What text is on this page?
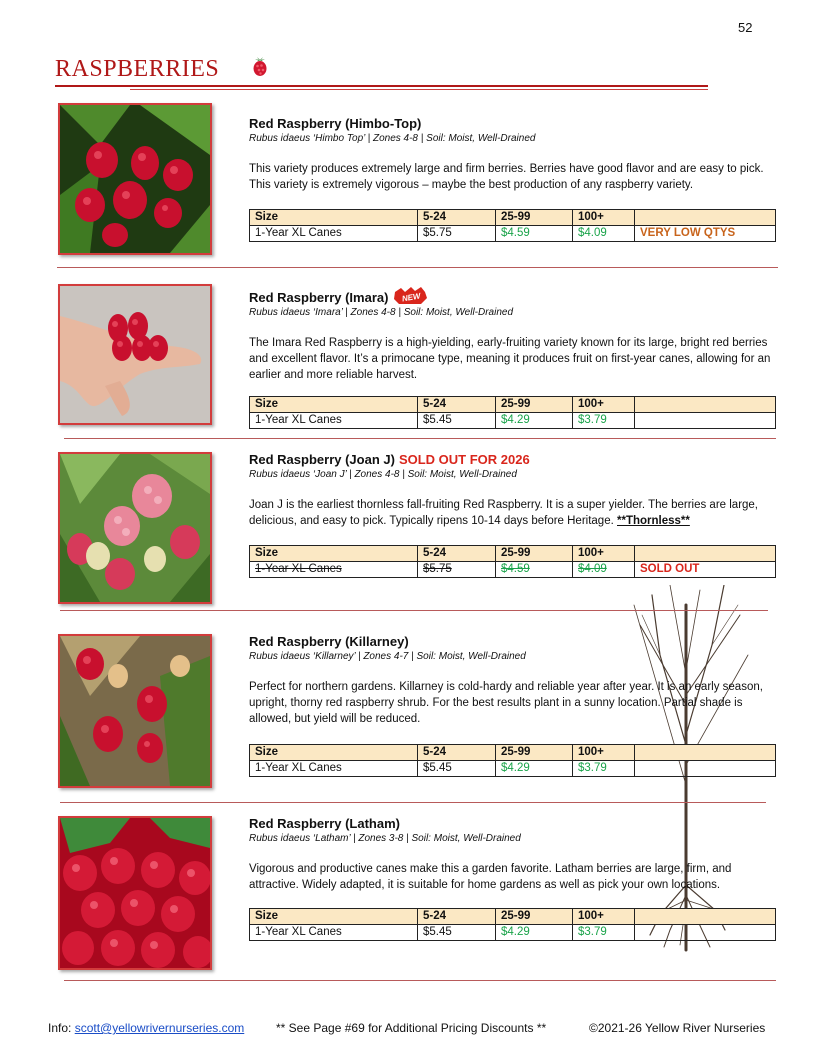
52
RASPBERRIES

Red Raspberry (Himbo-Top)

Rubus idaeus ‘Himbo Top’ | Zones 4-8 | Soil: Moist, Well-Drained

This variety produces extremely large and firm berries. Berries have good flavor and are easy to pick. This variety is extremely vigorous – maybe the best production of any raspberry variety.

Size	5-24	25-99	100+	
1-Year XL Canes	$5.75	$4.59	$4.09	VERY LOW QTYS

Red Raspberry (Imara) NEW

Rubus idaeus ‘Imara’ | Zones 4-8 | Soil: Moist, Well-Drained

The Imara Red Raspberry is a high-yielding, early-fruiting variety known for its large, bright red berries and excellent flavor. It’s a primocane type, meaning it produces fruit on first-year canes, allowing for an earlier and more reliable harvest.

Size	5-24	25-99	100+	
1-Year XL Canes	$5.45	$4.29	$3.79	

Red Raspberry (Joan J) SOLD OUT FOR 2026

Rubus idaeus ‘Joan J’ | Zones 4-8 | Soil: Moist, Well-Drained

Joan J is the earliest thornless fall-fruiting Red Raspberry. It is a super yielder. The berries are large, delicious, and easy to pick. Typically ripens 10-14 days before Heritage. **Thornless**

Size	5-24	25-99	100+	
1-Year XL Canes	$5.75	$4.59	$4.09	SOLD OUT

Red Raspberry (Killarney)

Rubus idaeus ‘Killarney’ | Zones 4-7 | Soil: Moist, Well-Drained

Perfect for northern gardens. Killarney is cold-hardy and reliable year after year. It is an early season, upright, thorny red raspberry shrub. For the best results plant in a sunny location. Partial shade is allowed, but yield will be reduced.

Size	5-24	25-99	100+	
1-Year XL Canes	$5.45	$4.29	$3.79	

Red Raspberry (Latham)

Rubus idaeus ‘Latham’ | Zones 3-8 | Soil: Moist, Well-Drained

Vigorous and productive canes make this a garden favorite. Latham berries are large, firm, and attractive. Widely adapted, it is suitable for home gardens as well as pick your own locations.

Size	5-24	25-99	100+	
1-Year XL Canes	$5.45	$4.29	$3.79	
Info: scott@yellowrivernurseries.com	** See Page #69 for Additional Pricing Discounts **	©2021-26 Yellow River Nurseries
